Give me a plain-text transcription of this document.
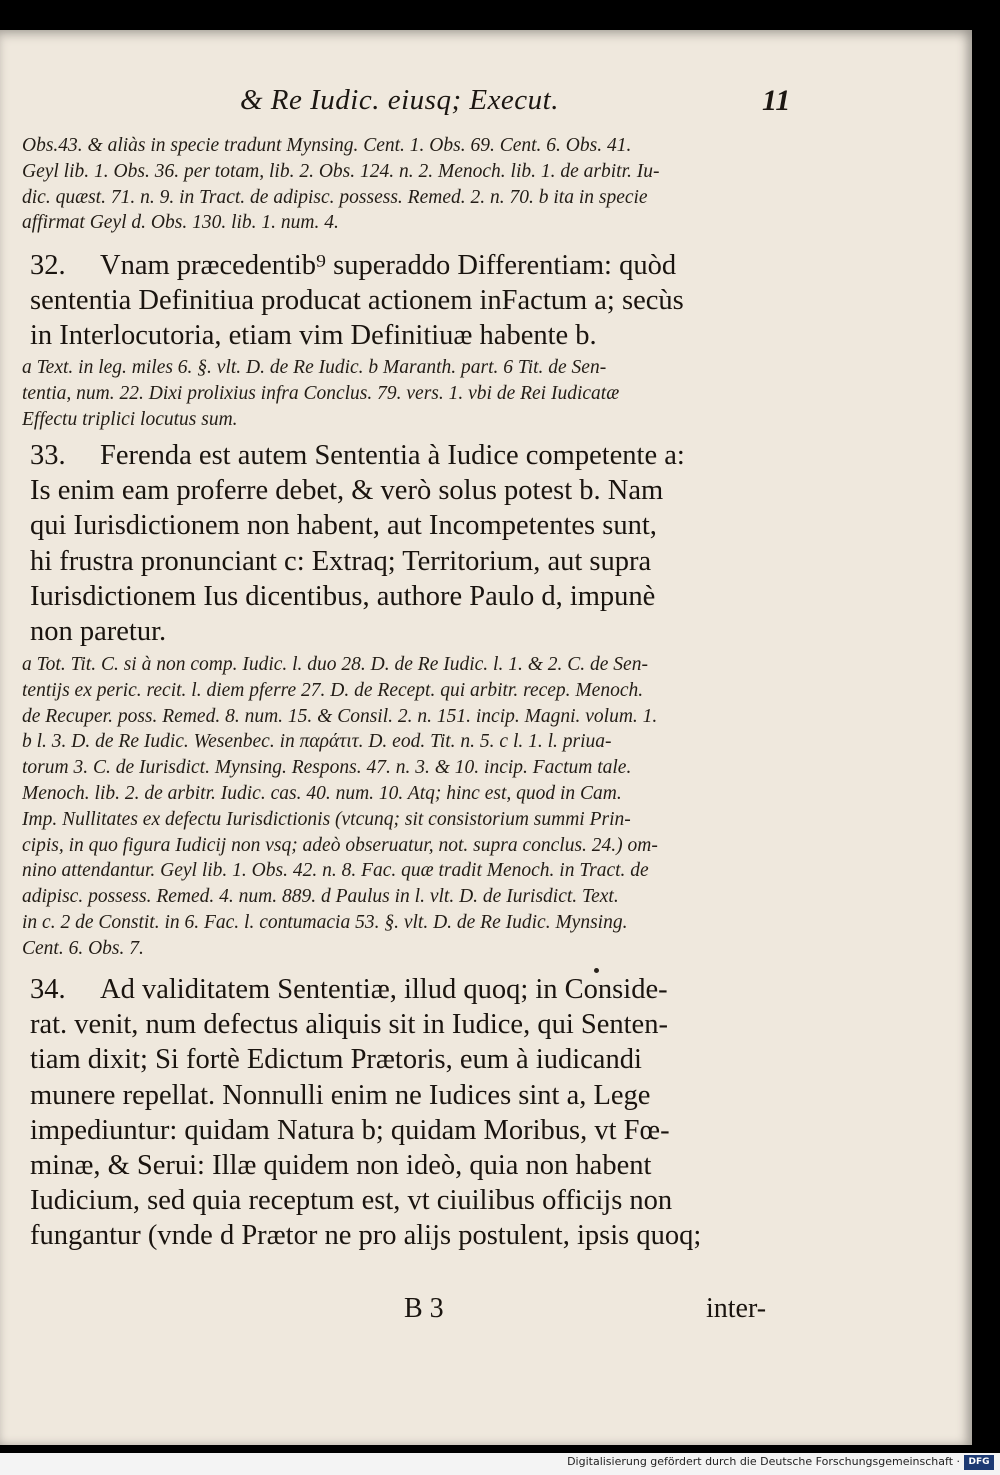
& Re Iudic. eiusq; Execut.	11
Obs.43. & aliàs in specie tradunt Mynsing. Cent. 1. Obs. 69. Cent. 6. Obs. 41.
Geyl lib. 1. Obs. 36. per totam, lib. 2. Obs. 124. n. 2. Menoch. lib. 1. de arbitr. Iu-
dic. quæst. 71. n. 9. in Tract. de adipisc. possess. Remed. 2. n. 70. b ita in specie
affirmat Geyl d. Obs. 130. lib. 1. num. 4.
32. Vnam præcedentib⁹ superaddo Differentiam: quòd
sententia Definitiua producat actionem inFactum a; secùs
in Interlocutoria, etiam vim Definitiuæ habente b.
a Text. in leg. miles 6. §. vlt. D. de Re Iudic. b Maranth. part. 6 Tit. de Sen-
tentia, num. 22. Dixi prolixius infra Conclus. 79. vers. 1. vbi de Rei Iudicatæ
Effectu triplici locutus sum.
33. Ferenda est autem Sententia à Iudice competente a:
Is enim eam proferre debet, & verò solus potest b. Nam
qui Iurisdictionem non habent, aut Incompetentes sunt,
hi frustra pronunciant c: Extraq; Territorium, aut supra
Iurisdictionem Ius dicentibus, authore Paulo d, impunè
non paretur.
a Tot. Tit. C. si à non comp. Iudic. l. duo 28. D. de Re Iudic. l. 1. & 2. C. de Sen-
tentijs ex peric. recit. l. diem pferre 27. D. de Recept. qui arbitr. recep. Menoch.
de Recuper. poss. Remed. 8. num. 15. & Consil. 2. n. 151. incip. Magni. volum. 1.
b l. 3. D. de Re Iudic. Wesenbec. in παράτιτ. D. eod. Tit. n. 5. c l. 1. l. priua-
torum 3. C. de Iurisdict. Mynsing. Respons. 47. n. 3. & 10. incip. Factum tale.
Menoch. lib. 2. de arbitr. Iudic. cas. 40. num. 10. Atq; hinc est, quod in Cam.
Imp. Nullitates ex defectu Iurisdictionis (vtcunq; sit consistorium summi Prin-
cipis, in quo figura Iudicij non vsq; adeò obseruatur, not. supra conclus. 24.) om-
nino attendantur. Geyl lib. 1. Obs. 42. n. 8. Fac. quæ tradit Menoch. in Tract. de
adipisc. possess. Remed. 4. num. 889. d Paulus in l. vlt. D. de Iurisdict. Text.
in c. 2 de Constit. in 6. Fac. l. contumacia 53. §. vlt. D. de Re Iudic. Mynsing.
Cent. 6. Obs. 7.
34. Ad validitatem Sententiæ, illud quoq; in Conside-
rat. venit, num defectus aliquis sit in Iudice, qui Senten-
tiam dixit; Si fortè Edictum Prætoris, eum à iudicandi
munere repellat. Nonnulli enim ne Iudices sint a, Lege
impediuntur: quidam Natura b; quidam Moribus, vt Fœ-
minæ, & Serui: Illæ quidem non ideò, quia non habent
Iudicium, sed quia receptum est, vt ciuilibus officijs non
fungantur (vnde d Prætor ne pro alijs postulent, ipsis quoq;
B 3	inter-
Digitalisierung gefördert durch die Deutsche Forschungsgemeinschaft · DFG
